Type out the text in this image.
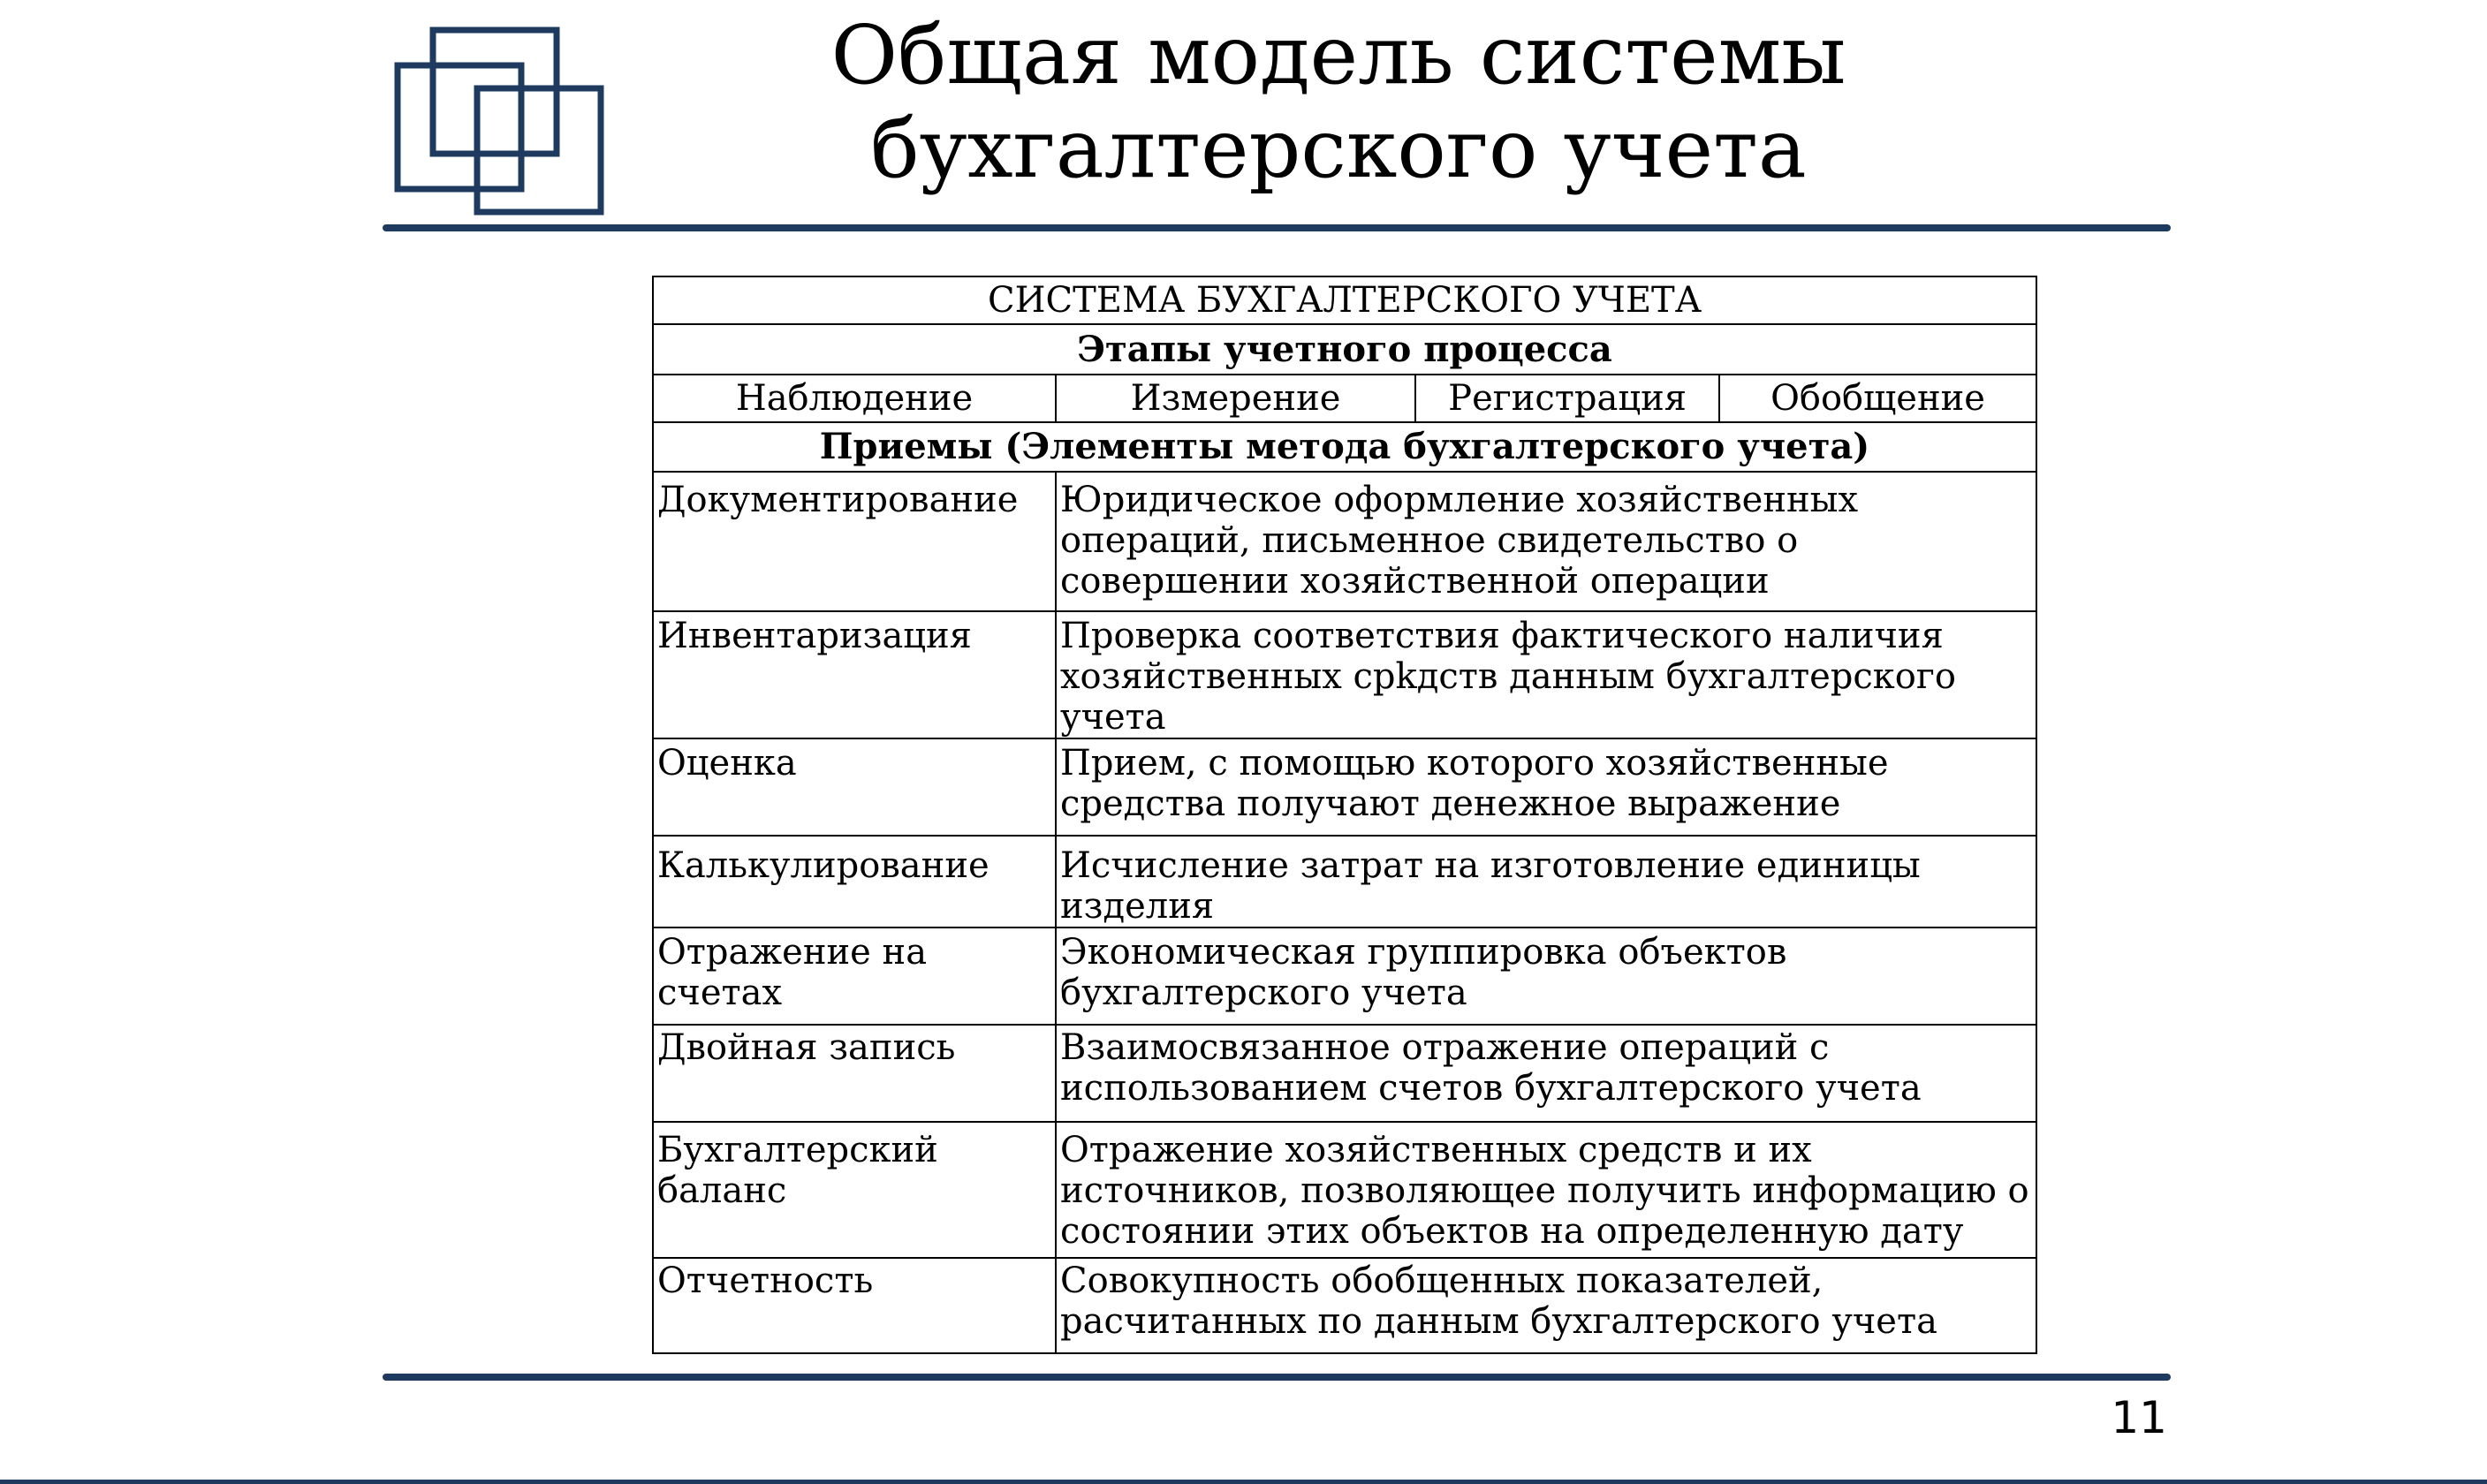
Общая модель системы
бухгалтерского учета
СИСТЕМА БУХГАЛТЕРСКОГО УЧЕТА			
Этапы учетного процесса			
Наблюдение	Измерение	Регистрация	Обобщение
Приемы (Элементы метода бухгалтерского учета)			
Документирование	Юридическое оформление хозяйственных операций, письменное свидетельство о совершении хозяйственной операции		
Инвентаризация	Проверка соответствия фактического наличия хозяйственных срkдств данным бухгалтерского учета		
Оценка	Прием, с помощью которого хозяйственные средства получают денежное выражение		
Калькулирование	Исчисление затрат на изготовление единицы изделия		
Отражение на счетах	Экономическая группировка объектов бухгалтерского учета		
Двойная запись	Взаимосвязанное отражение операций с использованием счетов бухгалтерского учета		
Бухгалтерский баланс	Отражение хозяйственных средств и их источников, позволяющее получить информацию о состоянии этих объектов на определенную дату		
Отчетность	Совокупность обобщенных показателей, расчитанных по данным бухгалтерского учета		
11
